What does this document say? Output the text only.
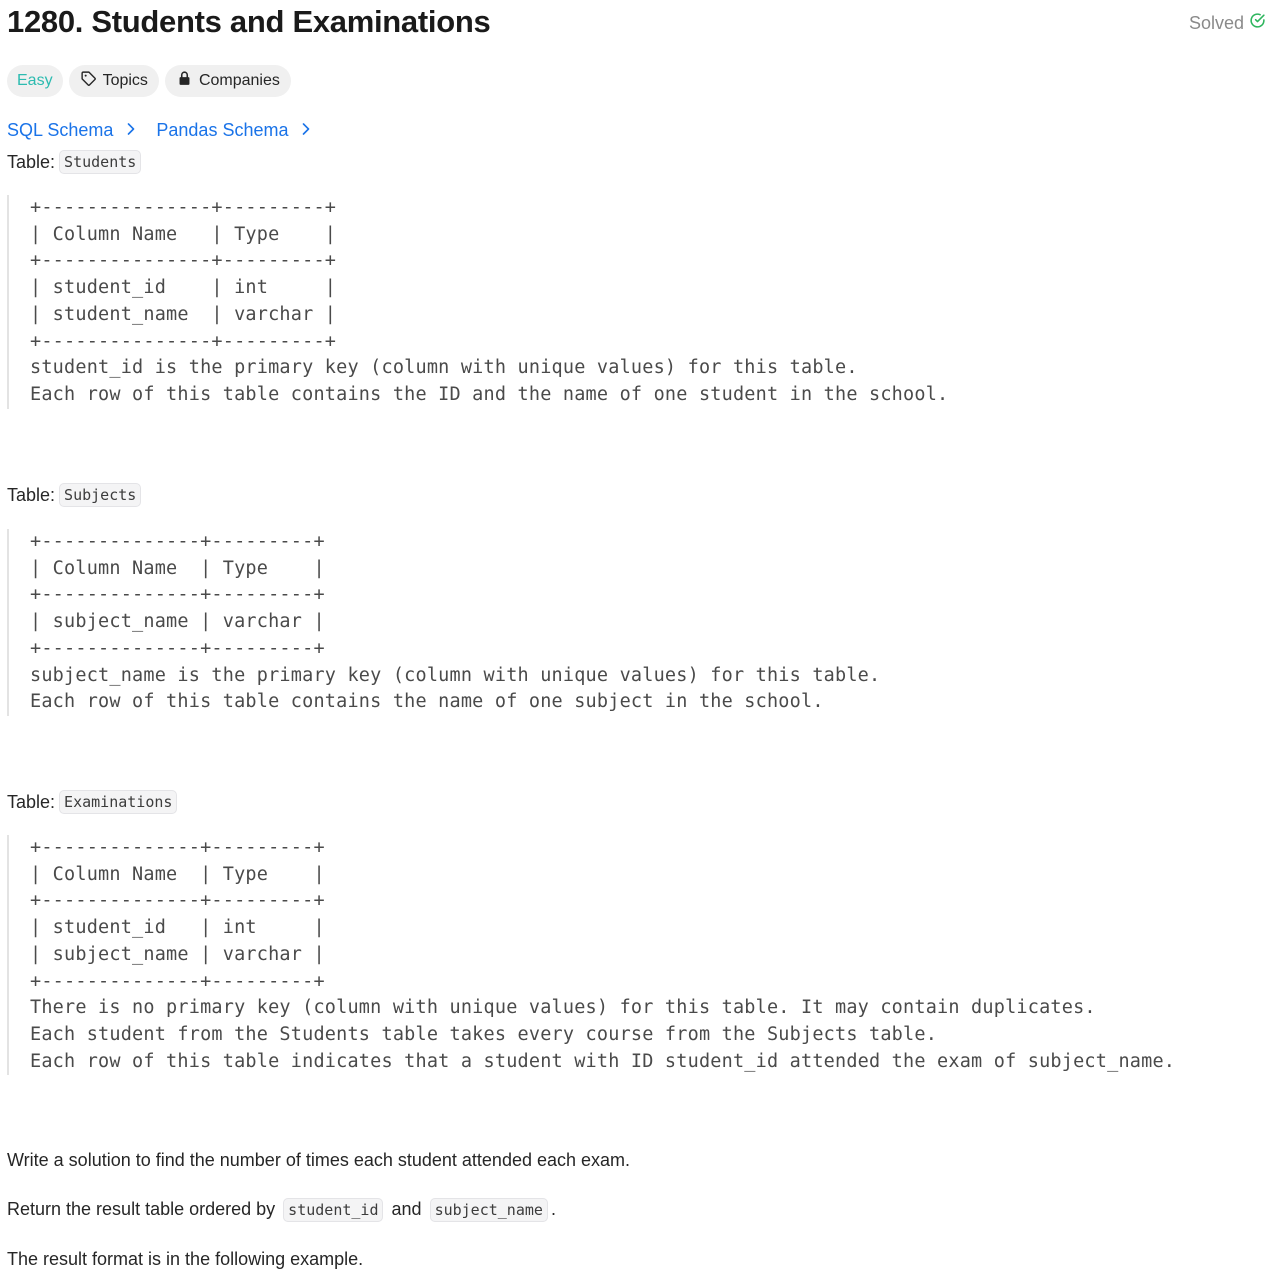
1280. Students and Examinations	Solved
Easy	Topics	Companies
SQL Schema Pandas Schema
Table: Students
+---------------+---------+
| Column Name   | Type    |
+---------------+---------+
| student_id    | int     |
| student_name  | varchar |
+---------------+---------+
student_id is the primary key (column with unique values) for this table.
Each row of this table contains the ID and the name of one student in the school.
Table: Subjects
+--------------+---------+
| Column Name  | Type    |
+--------------+---------+
| subject_name | varchar |
+--------------+---------+
subject_name is the primary key (column with unique values) for this table.
Each row of this table contains the name of one subject in the school.
Table: Examinations
+--------------+---------+
| Column Name  | Type    |
+--------------+---------+
| student_id   | int     |
| subject_name | varchar |
+--------------+---------+
There is no primary key (column with unique values) for this table. It may contain duplicates.
Each student from the Students table takes every course from the Subjects table.
Each row of this table indicates that a student with ID student_id attended the exam of subject_name.
Write a solution to find the number of times each student attended each exam.
Return the result table ordered by student_id and subject_name .
The result format is in the following example.
